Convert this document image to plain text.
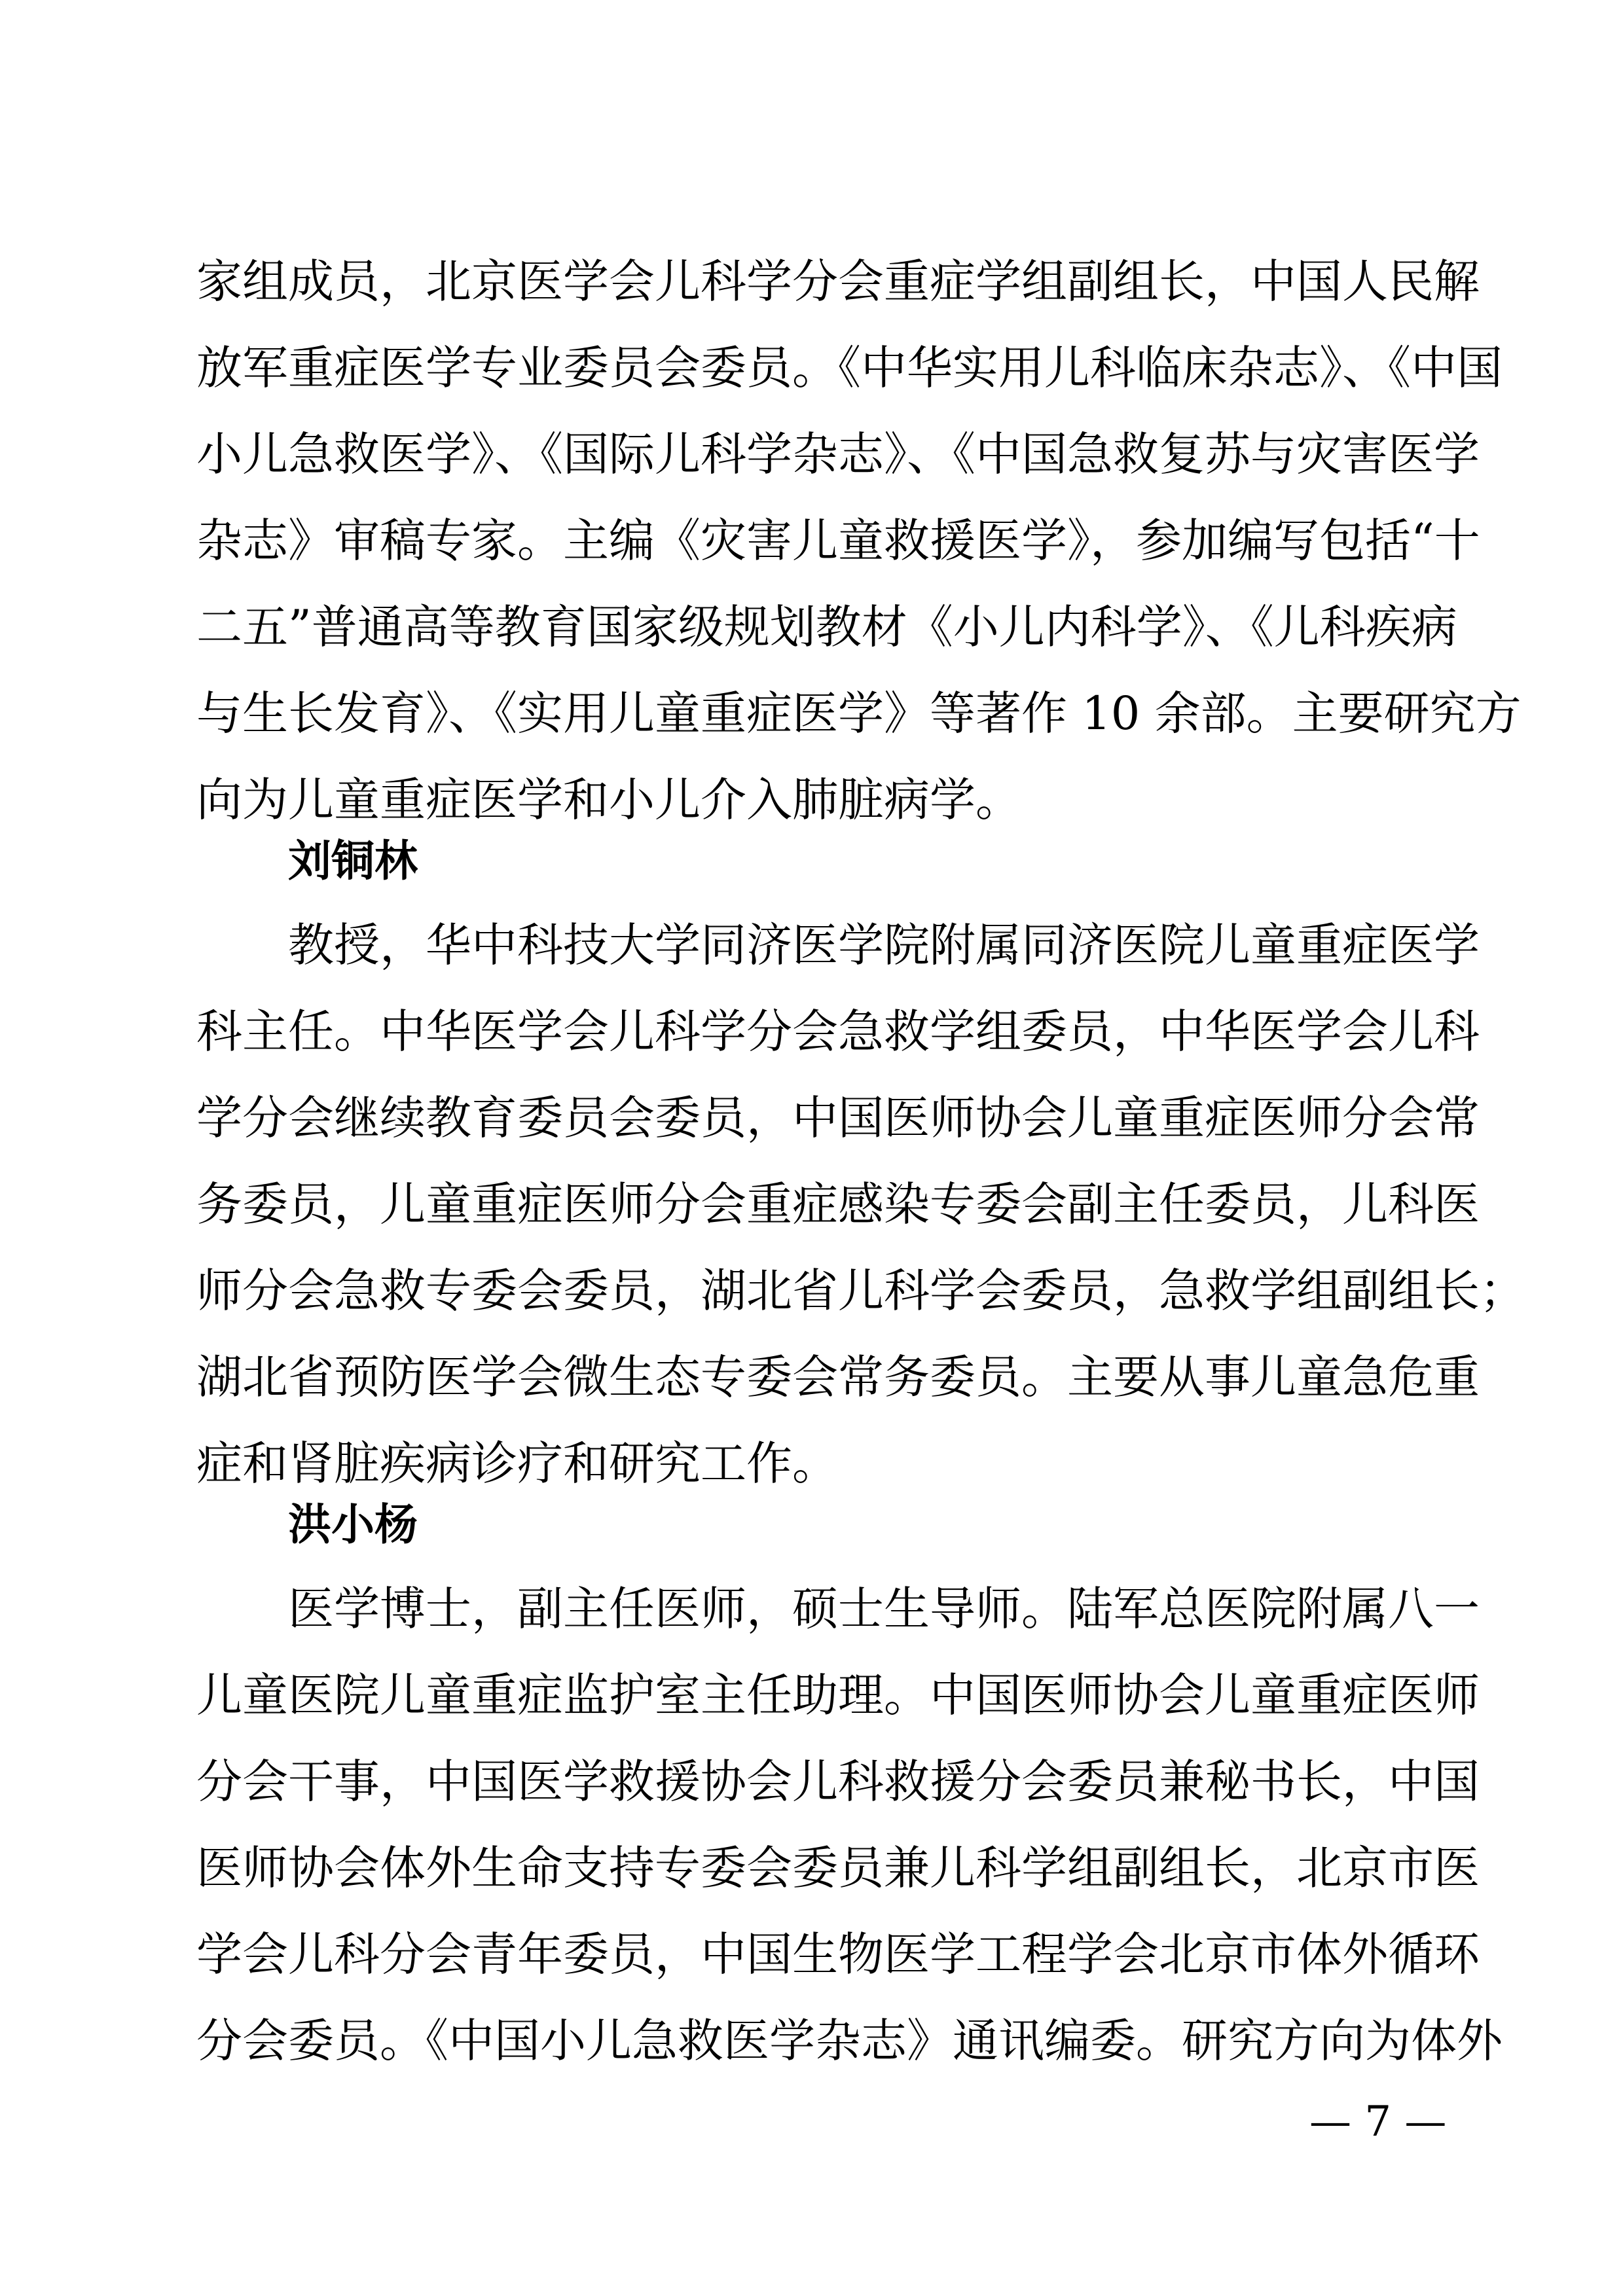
家组成员，北京医学会儿科学分会重症学组副组长，中国人民解
放军重症医学专业委员会委员。《中华实用儿科临床杂志》、《中国
小儿急救医学》、《国际儿科学杂志》、《中国急救复苏与灾害医学
杂志》审稿专家。主编《灾害儿童救援医学》，参加编写包括“十
二五”普通高等教育国家级规划教材《小儿内科学》、《儿科疾病
与生长发育》、《实用儿童重症医学》等著作 10 余部。主要研究方
向为儿童重症医学和小儿介入肺脏病学。
刘铜林
教授，华中科技大学同济医学院附属同济医院儿童重症医学
科主任。中华医学会儿科学分会急救学组委员，中华医学会儿科
学分会继续教育委员会委员，中国医师协会儿童重症医师分会常
务委员，儿童重症医师分会重症感染专委会副主任委员，儿科医
师分会急救专委会委员，湖北省儿科学会委员，急救学组副组长；
湖北省预防医学会微生态专委会常务委员。主要从事儿童急危重
症和肾脏疾病诊疗和研究工作。
洪小杨
医学博士，副主任医师，硕士生导师。陆军总医院附属八一
儿童医院儿童重症监护室主任助理。中国医师协会儿童重症医师
分会干事，中国医学救援协会儿科救援分会委员兼秘书长，中国
医师协会体外生命支持专委会委员兼儿科学组副组长，北京市医
学会儿科分会青年委员，中国生物医学工程学会北京市体外循环
分会委员。《中国小儿急救医学杂志》通讯编委。研究方向为体外
— 7 —
